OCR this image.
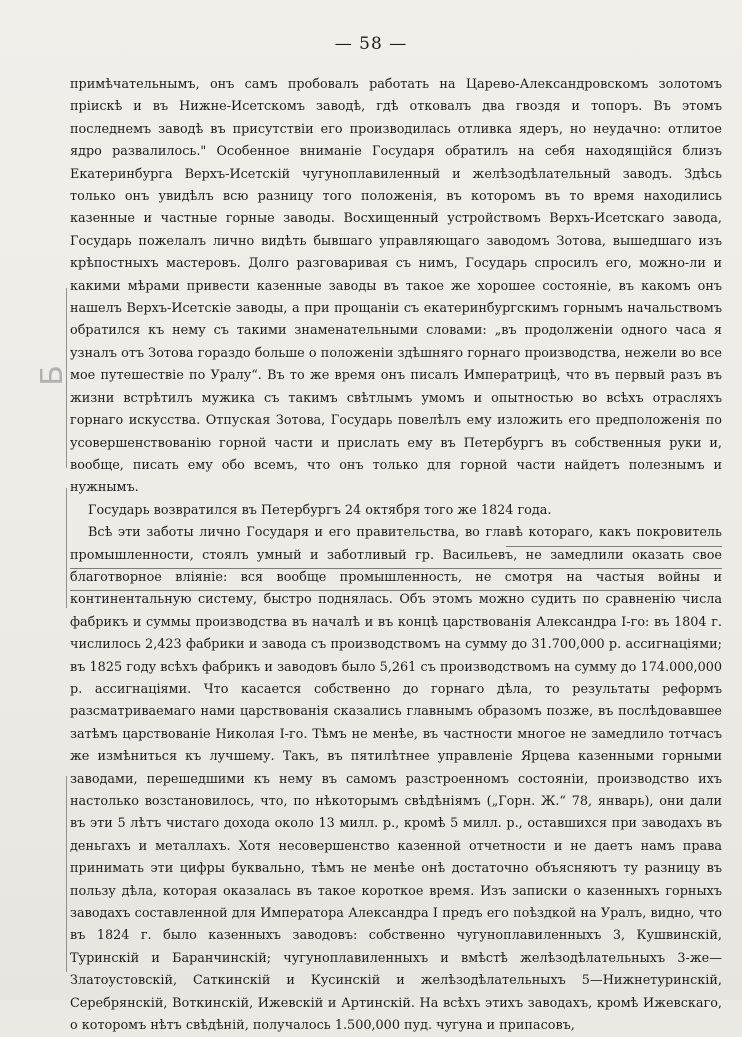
— 58 —
Б

примѣчательнымъ, онъ самъ пробовалъ работать на Царево-Александровскомъ золотомъ пріискѣ и въ Нижне-Исетскомъ заводѣ, гдѣ отковалъ два гвоздя и топоръ. Въ этомъ последнемъ заводѣ въ присутствіи его производилась отливка ядеръ, но неудачно: отлитое ядро развалилось." Особенное вниманіе Государя обратилъ на себя находящійся близъ Екатеринбурга Верхъ-Исетскій чугуноплавиленный и желѣзодѣлательный заводъ. Здѣсь только онъ увидѣлъ всю разницу того положенія, въ которомъ въ то время находились казенные и частные горные заводы. Восхищенный устройствомъ Верхъ-Исетскаго завода, Государь пожелалъ лично видѣть бывшаго управляющаго заводомъ Зотова, вышедшаго изъ крѣпостныхъ мастеровъ. Долго разговаривая съ нимъ, Государь спросилъ его, можно-ли и какими мѣрами привести казенные заводы въ такое же хорошее состояніе, въ какомъ онъ нашелъ Верхъ-Исетскіе заводы, а при прощаніи съ екатеринбургскимъ горнымъ начальствомъ обратился къ нему съ такими знаменательными словами: „въ продолженіи одного часа я узналъ отъ Зотова гораздо больше о положеніи здѣшняго горнаго производства, нежели во все мое путешествіе по Уралу“. Въ то же время онъ писалъ Императрицѣ, что въ первый разъ въ жизни встрѣтилъ мужика съ такимъ свѣтлымъ умомъ и опытностью во всѣхъ отрасляхъ горнаго искусства. Отпуская Зотова, Государь повелѣлъ ему изложить его предположенія по усовершенствованію горной части и прислать ему въ Петербургъ въ собственныя руки и, вообще, писать ему обо всемъ, что онъ только для горной части найдетъ полезнымъ и нужнымъ.

Государь возвратился въ Петербургъ 24 октября того же 1824 года.

Всѣ эти заботы лично Государя и его правительства, во главѣ котораго, какъ покровитель промышленности, стоялъ умный и заботливый гр. Васильевъ, не замедлили оказать свое благотворное вліяніе: вся вообще промышленность, не смотря на частыя войны и континентальную систему, быстро поднялась. Объ этомъ можно судить по сравненію числа фабрикъ и суммы производства въ началѣ и въ концѣ царствованія Александра I-го: въ 1804 г. числилось 2,423 фабрики и завода съ производствомъ на сумму до 31.700,000 р. ассигнаціями; въ 1825 году всѣхъ фабрикъ и заводовъ было 5,261 съ производствомъ на сумму до 174.000,000 р. ассигнаціями. Что касается собственно до горнаго дѣла, то результаты реформъ разсматриваемаго нами царствованія сказались главнымъ образомъ позже, въ послѣдовавшее затѣмъ царствованіе Николая I-го. Тѣмъ не менѣе, въ частности многое не замедлило тотчасъ же измѣниться къ лучшему. Такъ, въ пятилѣтнее управленіе Ярцева казенными горными заводами, перешедшими къ нему въ самомъ разстроенномъ состояніи, производство ихъ настолько возстановилось, что, по нѣкоторымъ свѣдѣніямъ („Горн. Ж.“ 78, январь), они дали въ эти 5 лѣтъ чистаго дохода около 13 милл. р., кромѣ 5 милл. р., оставшихся при заводахъ въ деньгахъ и металлахъ. Хотя несовершенство казенной отчетности и не даетъ намъ права принимать эти цифры буквально, тѣмъ не менѣе онѣ достаточно объясняютъ ту разницу въ пользу дѣла, которая оказалась въ такое короткое время. Изъ записки о казенныхъ горныхъ заводахъ составленной для Императора Александра I предъ его поѣздкой на Уралъ, видно, что въ 1824 г. было казенныхъ заводовъ: собственно чугуноплавиленныхъ 3, Кушвинскій, Туринскій и Баранчинскій; чугуноплавиленныхъ и вмѣстѣ желѣзодѣлательныхъ 3-же—Златоустовскій, Саткинскій и Кусинскій и желѣзодѣлательныхъ 5—Нижнетуринскій, Серебрянскій, Воткинскій, Ижевскій и Артинскій. На всѣхъ этихъ заводахъ, кромѣ Ижевскаго, о которомъ нѣтъ свѣдѣній, получалось 1.500,000 пуд. чугуна и припасовъ,
